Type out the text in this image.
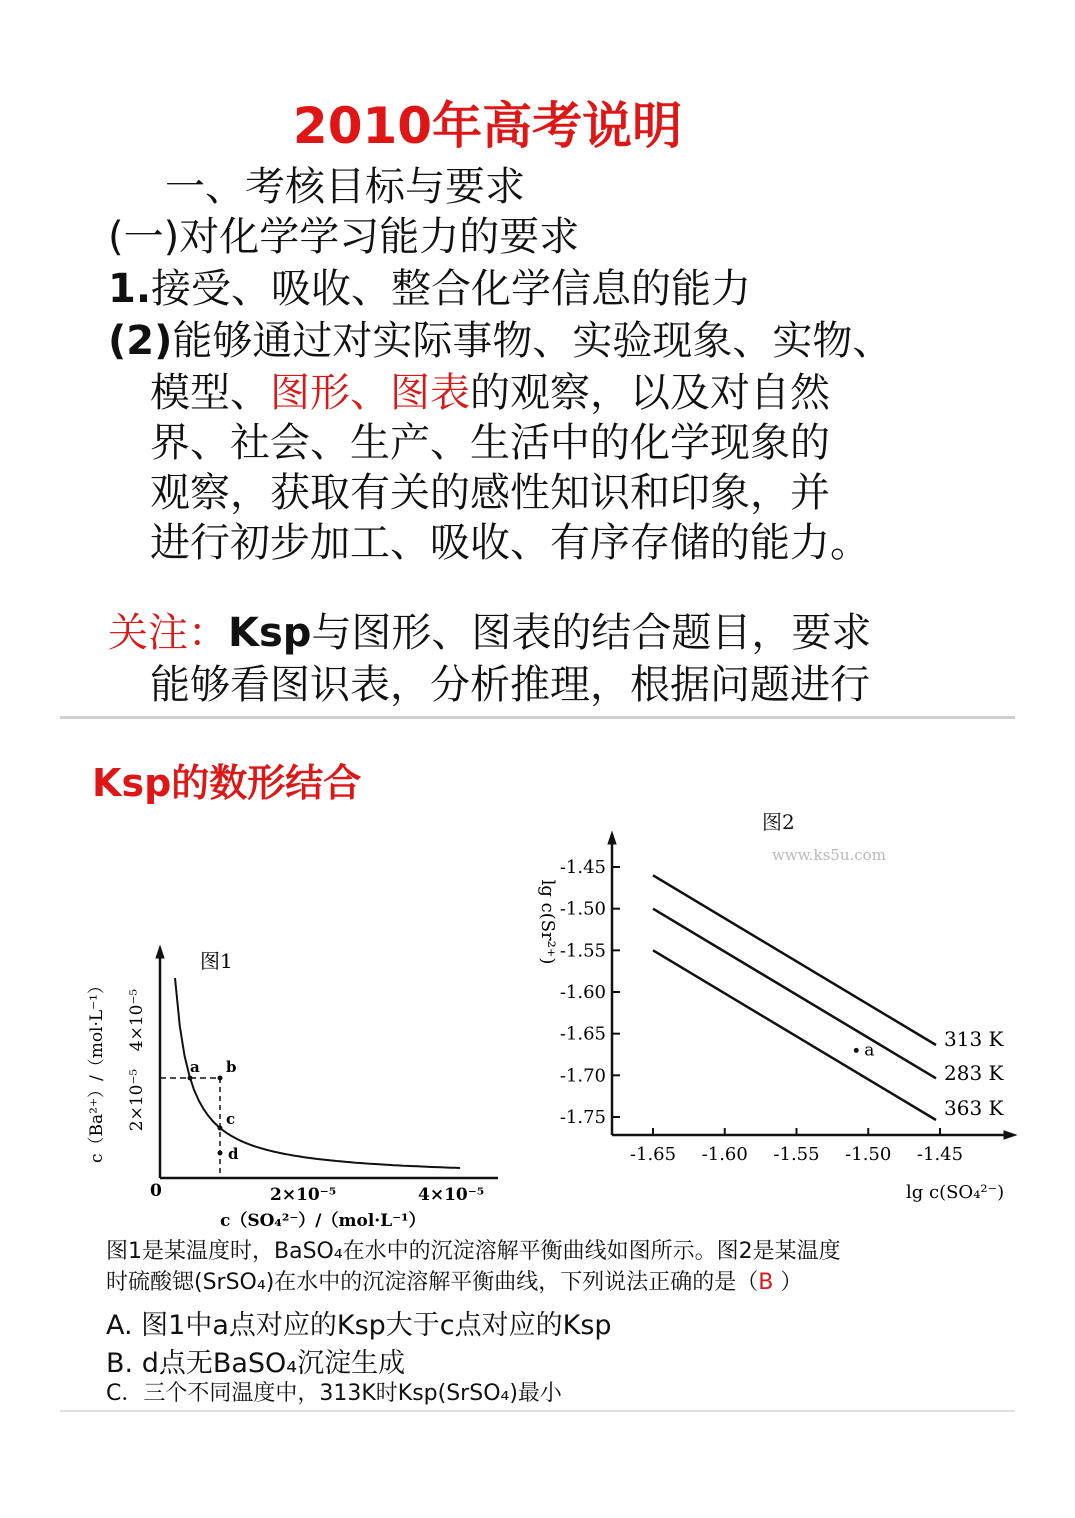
2010年高考说明
一、考核目标与要求
(一)对化学学习能力的要求
1.接受、吸收、整合化学信息的能力
(2)能够通过对实际事物、实验现象、实物、
模型、图形、图表的观察，以及对自然
界、社会、生产、生活中的化学现象的
观察，获取有关的感性知识和印象，并
进行初步加工、吸收、有序存储的能力。
关注：Ksp与图形、图表的结合题目，要求
能够看图识表，分析推理，根据问题进行
Ksp的数形结合
a b
c
d
图1
4×10⁻⁵
2×10⁻⁵
c（Ba²⁺）/（mol·L⁻¹）
0	2×10⁻⁵	4×10⁻⁵
c（SO₄²⁻）/（mol·L⁻¹）
图2
www.ks5u.com
-1.45
-1.50
-1.55
-1.60
-1.65
-1.70
-1.75
-1.65 -1.60 -1.55 -1.50 -1.45
313 K
283 K
363 K
a
lg c(Sr²⁺)
lg c(SO₄²⁻)
图1是某温度时，BaSO₄在水中的沉淀溶解平衡曲线如图所示。图2是某温度
时硫酸锶(SrSO₄)在水中的沉淀溶解平衡曲线，下列说法正确的是（B ）
A. 图1中a点对应的Ksp大于c点对应的Ksp
B. d点无BaSO₄沉淀生成
C．三个不同温度中，313K时Ksp(SrSO₄)最小
